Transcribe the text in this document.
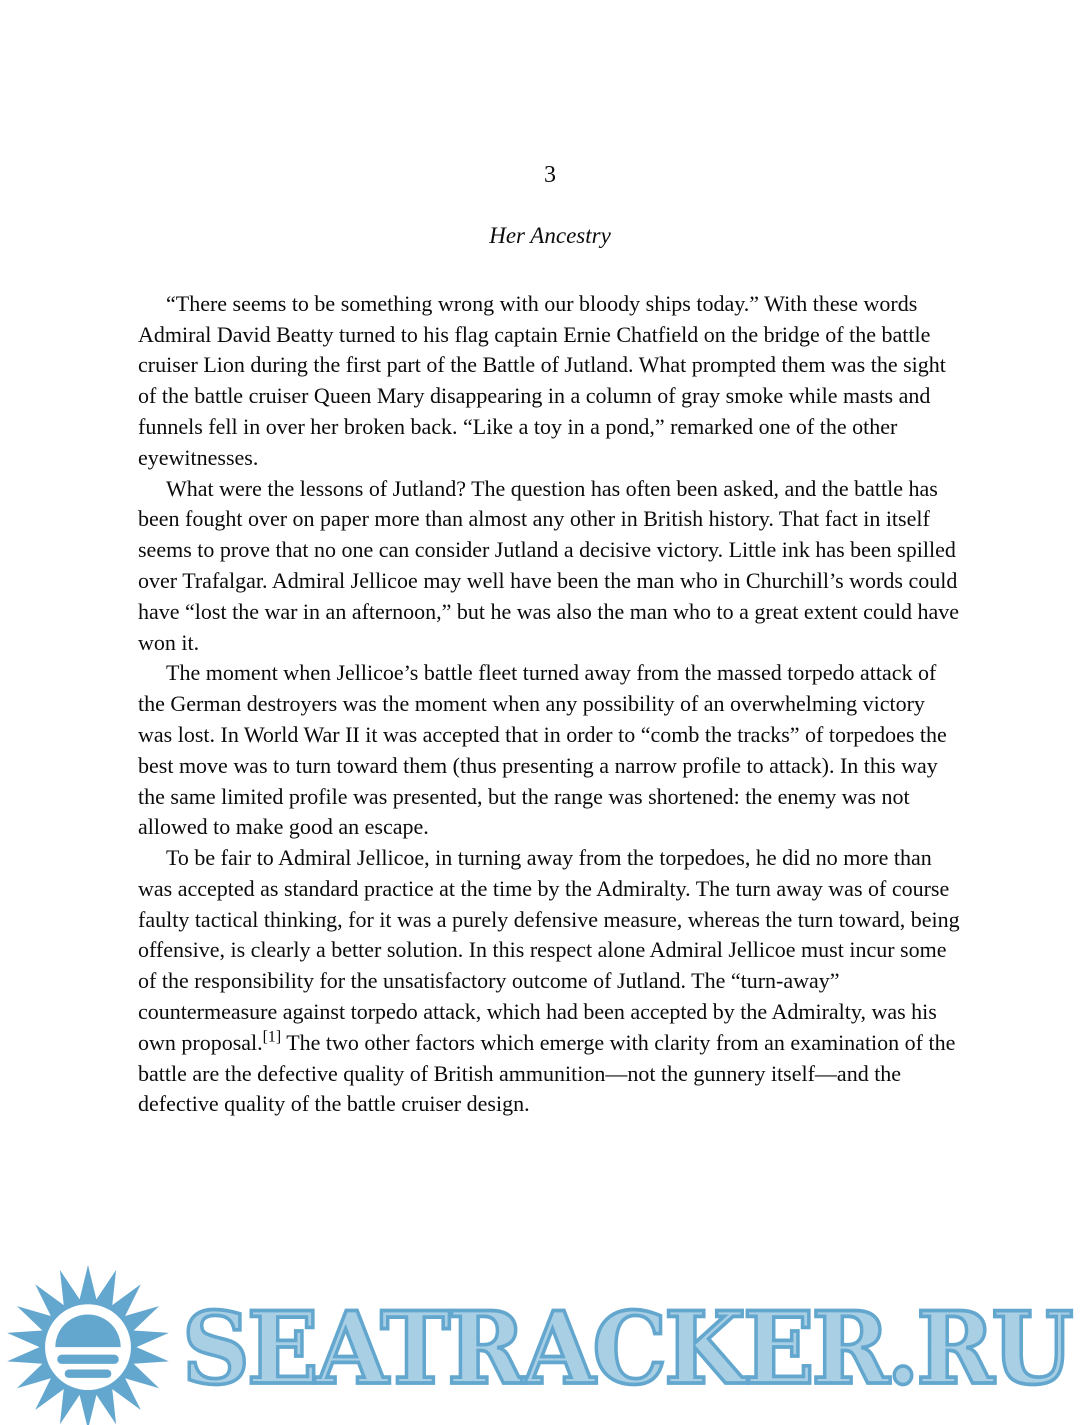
3
Her Ancestry

“There seems to be something wrong with our bloody ships today.” With these words Admiral David Beatty turned to his flag captain Ernie Chatfield on the bridge of the battle cruiser Lion during the first part of the Battle of Jutland. What prompted them was the sight of the battle cruiser Queen Mary disappearing in a column of gray smoke while masts and funnels fell in over her broken back. “Like a toy in a pond,” remarked one of the other eyewitnesses.

What were the lessons of Jutland? The question has often been asked, and the battle has been fought over on paper more than almost any other in British history. That fact in itself seems to prove that no one can consider Jutland a decisive victory. Little ink has been spilled over Trafalgar. Admiral Jellicoe may well have been the man who in Churchill’s words could have “lost the war in an afternoon,” but he was also the man who to a great extent could have won it.

The moment when Jellicoe’s battle fleet turned away from the massed torpedo attack of the German destroyers was the moment when any possibility of an overwhelming victory was lost. In World War II it was accepted that in order to “comb the tracks” of torpedoes the best move was to turn toward them (thus presenting a narrow profile to attack). In this way the same limited profile was presented, but the range was shortened: the enemy was not allowed to make good an escape.

To be fair to Admiral Jellicoe, in turning away from the torpedoes, he did no more than was accepted as standard practice at the time by the Admiralty. The turn away was of course faulty tactical thinking, for it was a purely defensive measure, whereas the turn toward, being offensive, is clearly a better solution. In this respect alone Admiral Jellicoe must incur some of the responsibility for the unsatisfactory outcome of Jutland. The “turn-away” countermeasure against torpedo attack, which had been accepted by the Admiralty, was his own proposal.[1] The two other factors which emerge with clarity from an examination of the battle are the defective quality of British ammunition—not the gunnery itself—and the defective quality of the battle cruiser design.

SEATRACKER.RU
